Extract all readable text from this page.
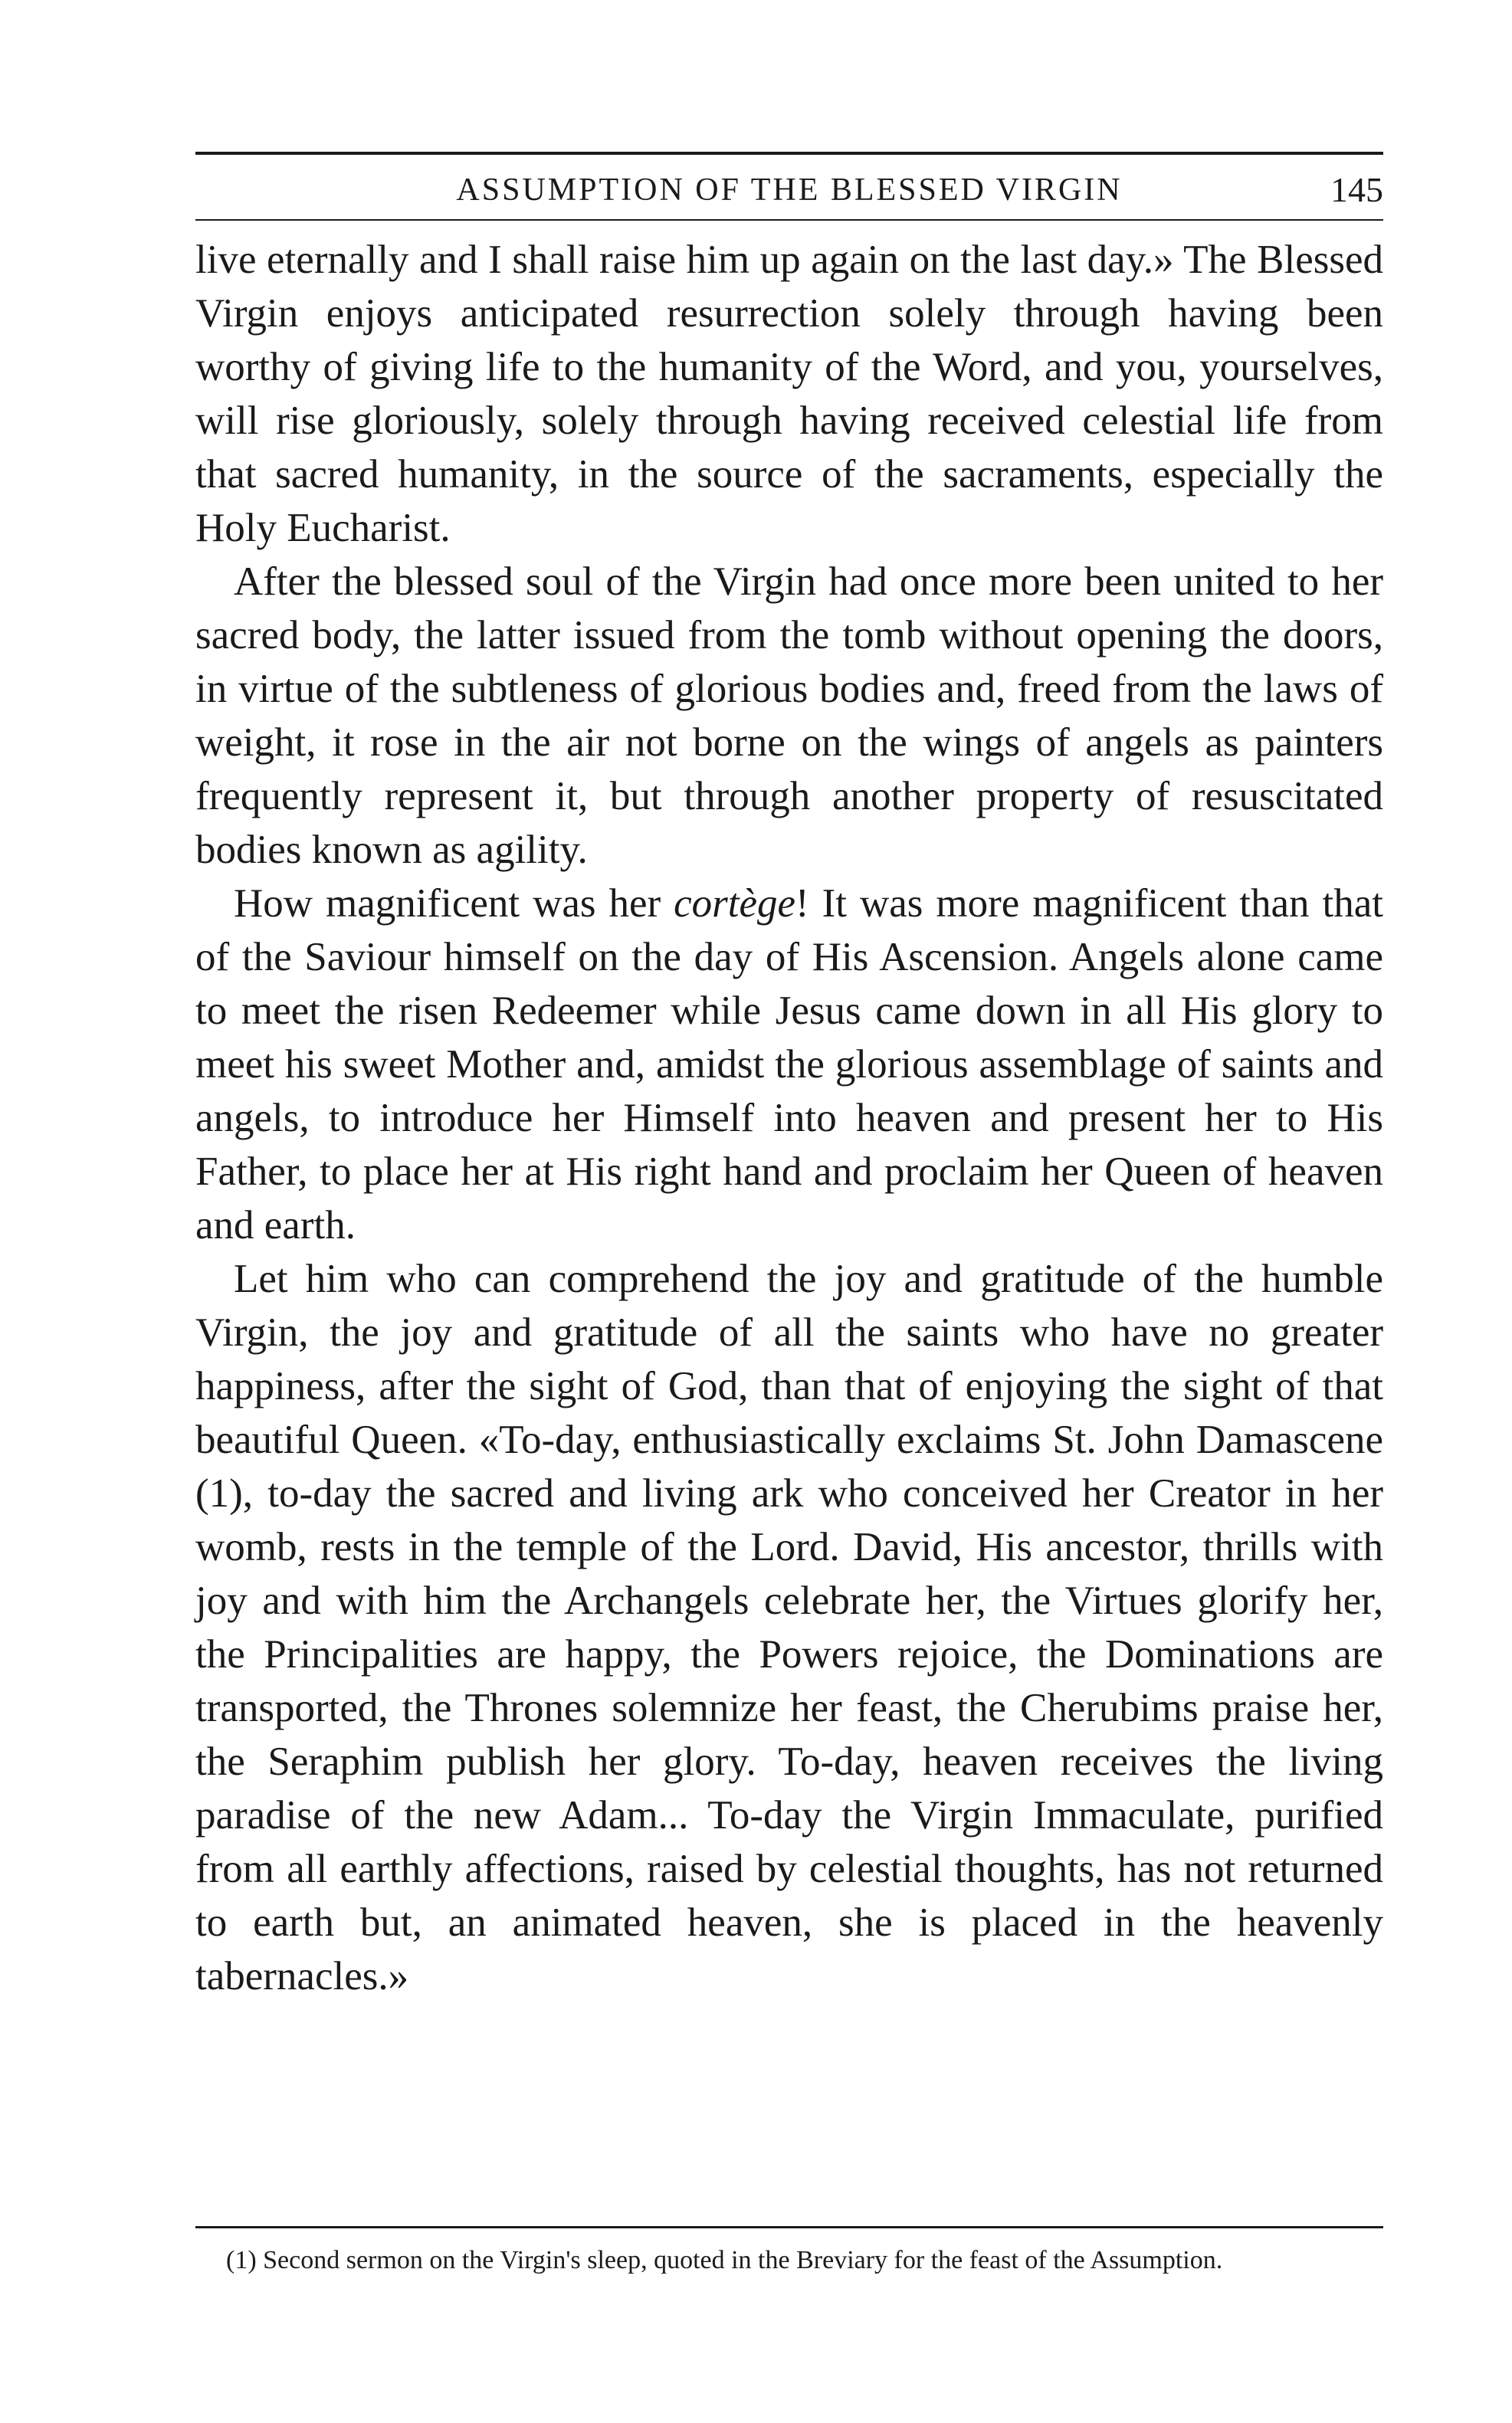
ASSUMPTION OF THE BLESSED VIRGIN	145

live eternally and I shall raise him up again on the last day.» The Blessed Virgin enjoys anticipated resurrection solely through having been worthy of giving life to the humanity of the Word, and you, yourselves, will rise gloriously, solely through having received celestial life from that sacred humanity, in the source of the sacraments, especially the Holy Eucharist.

After the blessed soul of the Virgin had once more been united to her sacred body, the latter issued from the tomb without opening the doors, in virtue of the subtleness of glorious bodies and, freed from the laws of weight, it rose in the air not borne on the wings of angels as painters frequently represent it, but through another property of resuscitated bodies known as agility.

How magnificent was her cortège! It was more magnificent than that of the Saviour himself on the day of His Ascension. Angels alone came to meet the risen Redeemer while Jesus came down in all His glory to meet his sweet Mother and, amidst the glorious assemblage of saints and angels, to introduce her Himself into heaven and present her to His Father, to place her at His right hand and proclaim her Queen of heaven and earth.

Let him who can comprehend the joy and gratitude of the humble Virgin, the joy and gratitude of all the saints who have no greater happiness, after the sight of God, than that of enjoying the sight of that beautiful Queen. «To-day, enthusiastically exclaims St. John Damascene (1), to-day the sacred and living ark who conceived her Creator in her womb, rests in the temple of the Lord. David, His ancestor, thrills with joy and with him the Archangels celebrate her, the Virtues glorify her, the Principalities are happy, the Powers rejoice, the Dominations are transported, the Thrones solemnize her feast, the Cherubims praise her, the Seraphim publish her glory. To-day, heaven receives the living paradise of the new Adam... To-day the Virgin Immaculate, purified from all earthly affections, raised by celestial thoughts, has not returned to earth but, an animated heaven, she is placed in the heavenly tabernacles.»

(1) Second sermon on the Virgin's sleep, quoted in the Breviary for the feast of the Assumption.
